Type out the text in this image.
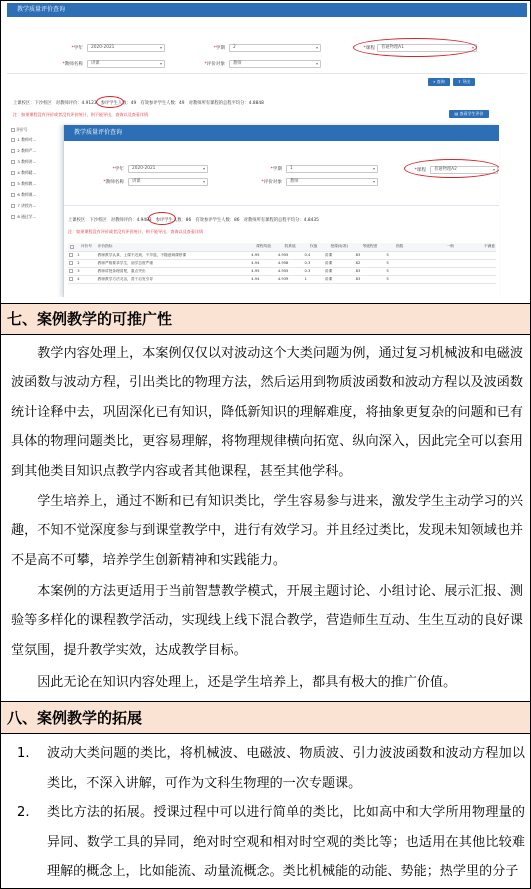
教学质量评价查询
*学年	2020-2021	▾	*学期	2	▾	*课程	普通物理A1	▾
*教师名称	讲课	▾	*评价对象	教师	▾
⌕ 查询	⇪ 导出
上课校区：下沙校区 对教师评价：4.9123 参评学生人数：49 有效参评学生人数：49 对教师所有课程的总程平均分：4.8848
注：如果课程没有评价或者没有评价统计，则不能导出，查询以及查看详情	▤ 查看学生评价
评价号
1 教师对...
2 教师严...
3 教师讲...
4 教师精...
5 教师教...
6 教师课...
7 讲授内...
8 通过学...
教学质量评价查询
*学年	2020-2021	▾	*学期	1	▾	*课程	普通物理A2	▾
*教师名称	讲课	▾	*评价对象	教师	▾
上课校区：下沙校区 对教师评价：4.9483 参评学生人数：86 有效参评学生人数：86 对教师所有课程的总程平均分：4.8435
注：如果课程没有评价或者没有评价统计，则不能导出，查询以及查看详情
	评价号	评价指标	课程均值	院系值	权值	授课(标准)	等级程度	指数	一般	不满意
	1	教师教学认真，上课不迟到，不早退，不随意调课停课	4.95	4.955	0.4	讲课	83	5		
	2	教师严格要求学生，治学态度严谨	4.94	4.958	0.3	讲课	82	5		
	3	教师讲授条理清楚，重点突出	4.95	4.955	0.3	讲课	83	5		
	4	教师教学方法灵活，善于启发引导	4.94	4.939	1	讲课	83	5		
七、案例教学的可推广性

教学内容处理上，本案例仅仅以对波动这个大类问题为例，通过复习机械波和电磁波波函数与波动方程，引出类比的物理方法，然后运用到物质波函数和波动方程以及波函数统计诠释中去，巩固深化已有知识，降低新知识的理解难度，将抽象更复杂的问题和已有具体的物理问题类比，更容易理解，将物理规律横向拓宽、纵向深入，因此完全可以套用到其他类目知识点教学内容或者其他课程，甚至其他学科。

学生培养上，通过不断和已有知识类比，学生容易参与进来，激发学生主动学习的兴趣，不知不觉深度参与到课堂教学中，进行有效学习。并且经过类比，发现未知领域也并不是高不可攀，培养学生创新精神和实践能力。

本案例的方法更适用于当前智慧教学模式，开展主题讨论、小组讨论、展示汇报、测验等多样化的课程教学活动，实现线上线下混合教学，营造师生互动、生生互动的良好课堂氛围，提升教学实效，达成教学目标。

因此无论在知识内容处理上，还是学生培养上，都具有极大的推广价值。

八、案例教学的拓展
1. 波动大类问题的类比，将机械波、电磁波、物质波、引力波波函数和波动方程加以类比，不深入讲解，可作为文科生物理的一次专题课。
2. 类比方法的拓展。授课过程中可以进行简单的类比，比如高中和大学所用物理量的异同、数学工具的异同，绝对时空观和相对时空观的类比等；也适用在其他比较难理解的概念上，比如能流、动量流概念。类比机械能的动能、势能；热学里的分子
